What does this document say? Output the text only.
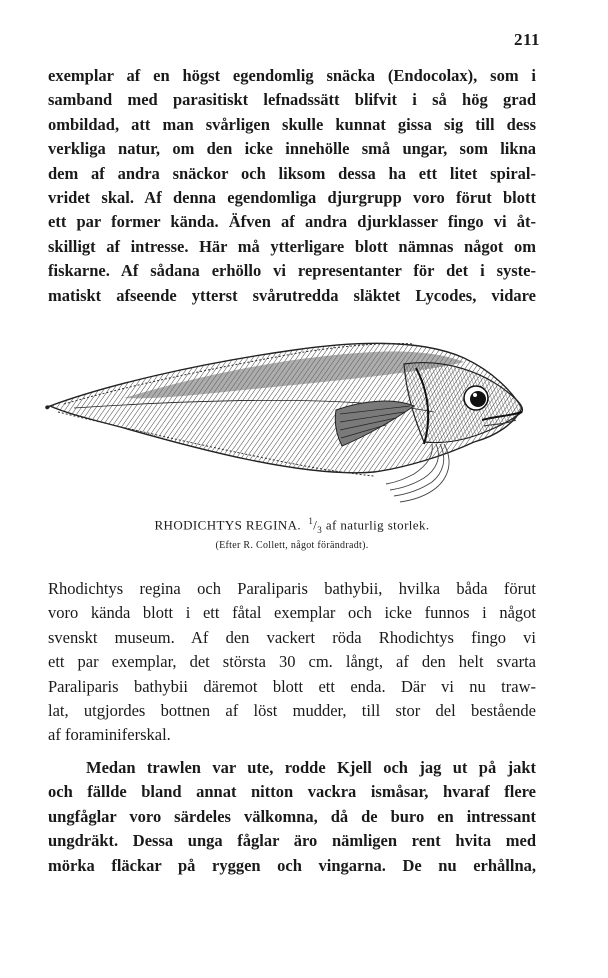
211
exemplar af en högst egendomlig snäcka (Endocolax), som i
samband med parasitiskt lefnadssätt blifvit i så hög grad
ombildad, att man svårligen skulle kunnat gissa sig till dess
verkliga natur, om den icke innehölle små ungar, som likna
dem af andra snäckor och liksom dessa ha ett litet spiral-
vridet skal. Af denna egendomliga djurgrupp voro förut blott
ett par former kända. Äfven af andra djurklasser fingo vi åt-
skilligt af intresse. Här må ytterligare blott nämnas något om
fiskarne. Af sådana erhöllo vi representanter för det i syste-
matiskt afseende ytterst svårutredda släktet Lycodes, vidare
RHODICHTYS REGINA. $^1/_3$ af naturlig storlek.
(Efter R. Collett, något förändradt).
Rhodichtys regina och Paraliparis bathybii, hvilka båda förut
voro kända blott i ett fåtal exemplar och icke funnos i något
svenskt museum. Af den vackert röda Rhodichtys fingo vi
ett par exemplar, det största 30 cm. långt, af den helt svarta
Paraliparis bathybii däremot blott ett enda. Där vi nu traw-
lat, utgjordes bottnen af löst mudder, till stor del bestående
af foraminiferskal.
Medan trawlen var ute, rodde Kjell och jag ut på jakt
och fällde bland annat nitton vackra ismåsar, hvaraf flere
ungfåglar voro särdeles välkomna, då de buro en intressant
ungdräkt. Dessa unga fåglar äro nämligen rent hvita med
mörka fläckar på ryggen och vingarna. De nu erhållna,
